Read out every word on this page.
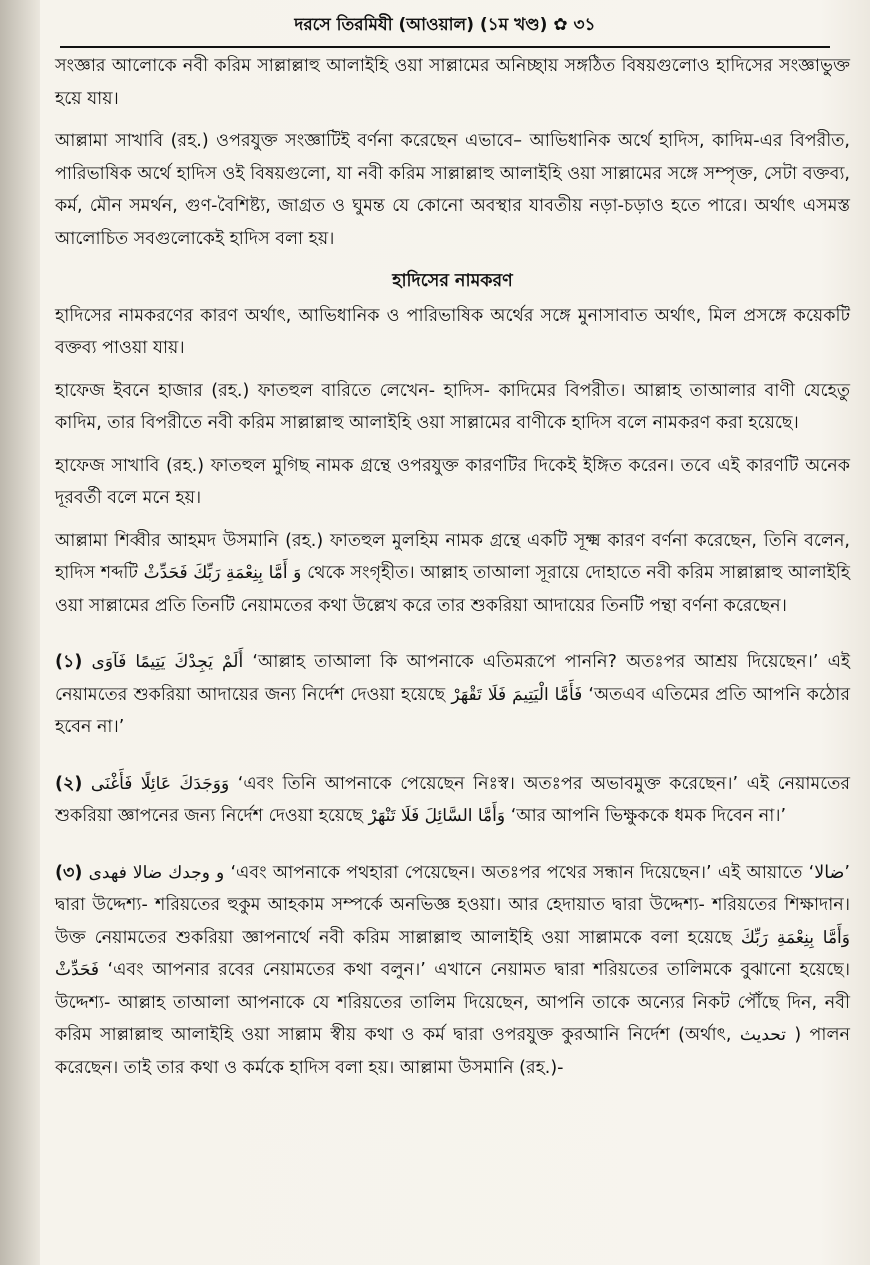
দরসে তিরমিযী (আওয়াল) (১ম খণ্ড) ✿ ৩১

সংজ্ঞার আলোকে নবী করিম সাল্লাল্লাহু আলাইহি ওয়া সাল্লামের অনিচ্ছায় সঙ্গঠিত বিষয়গুলোও হাদিসের সংজ্ঞাভুক্ত হয়ে যায়।

আল্লামা সাখাবি (রহ.) ওপরযুক্ত সংজ্ঞাটিই বর্ণনা করেছেন এভাবে– আভিধানিক অর্থে হাদিস, কাদিম-এর বিপরীত, পারিভাষিক অর্থে হাদিস ওই বিষয়গুলো, যা নবী করিম সাল্লাল্লাহু আলাইহি ওয়া সাল্লামের সঙ্গে সম্পৃক্ত, সেটা বক্তব্য, কর্ম, মৌন সমর্থন, গুণ-বৈশিষ্ট্য, জাগ্রত ও ঘুমন্ত যে কোনো অবস্থার যাবতীয় নড়া-চড়াও হতে পারে। অর্থাৎ এসমস্ত আলোচিত সবগুলোকেই হাদিস বলা হয়।

হাদিসের নামকরণ

হাদিসের নামকরণের কারণ অর্থাৎ, আভিধানিক ও পারিভাষিক অর্থের সঙ্গে মুনাসাবাত অর্থাৎ, মিল প্রসঙ্গে কয়েকটি বক্তব্য পাওয়া যায়।

হাফেজ ইবনে হাজার (রহ.) ফাতহুল বারিতে লেখেন- হাদিস- কাদিমের বিপরীত। আল্লাহ তাআলার বাণী যেহেতু কাদিম, তার বিপরীতে নবী করিম সাল্লাল্লাহু আলাইহি ওয়া সাল্লামের বাণীকে হাদিস বলে নামকরণ করা হয়েছে।

হাফেজ সাখাবি (রহ.) ফাতহুল মুগিছ নামক গ্রন্থে ওপরযুক্ত কারণটির দিকেই ইঙ্গিত করেন। তবে এই কারণটি অনেক দূরবর্তী বলে মনে হয়।

আল্লামা শিব্বীর আহমদ উসমানি (রহ.) ফাতহুল মুলহিম নামক গ্রন্থে একটি সূক্ষ্ম কারণ বর্ণনা করেছেন, তিনি বলেন, হাদিস শব্দটি وَ أَمَّا بِنِعْمَةِ رَبِّكَ فَحَدِّثْ থেকে সংগৃহীত। আল্লাহ তাআলা সূরায়ে দোহাতে নবী করিম সাল্লাল্লাহু আলাইহি ওয়া সাল্লামের প্রতি তিনটি নেয়ামতের কথা উল্লেখ করে তার শুকরিয়া আদায়ের তিনটি পন্থা বর্ণনা করেছেন।

(১) أَلَمْ يَجِدْكَ يَتِيمًا فَآوَى ‘আল্লাহ তাআলা কি আপনাকে এতিমরূপে পাননি? অতঃপর আশ্রয় দিয়েছেন।’ এই নেয়ামতের শুকরিয়া আদায়ের জন্য নির্দেশ দেওয়া হয়েছে فَأَمَّا الْيَتِيمَ فَلَا تَقْهَرْ ‘অতএব এতিমের প্রতি আপনি কঠোর হবেন না।’

(২) وَوَجَدَكَ عَائِلًا فَأَغْنَى ‘এবং তিনি আপনাকে পেয়েছেন নিঃস্ব। অতঃপর অভাবমুক্ত করেছেন।’ এই নেয়ামতের শুকরিয়া জ্ঞাপনের জন্য নির্দেশ দেওয়া হয়েছে وَأَمَّا السَّائِلَ فَلَا تَنْهَرْ ‘আর আপনি ভিক্ষুককে ধমক দিবেন না।’

(৩) و وجدك ضالا فهدى ‘এবং আপনাকে পথহারা পেয়েছেন। অতঃপর পথের সন্ধান দিয়েছেন।’ এই আয়াতে ‘ضالا’ দ্বারা উদ্দেশ্য- শরিয়তের হুকুম আহকাম সম্পর্কে অনভিজ্ঞ হওয়া। আর হেদায়াত দ্বারা উদ্দেশ্য- শরিয়তের শিক্ষাদান। উক্ত নেয়ামতের শুকরিয়া জ্ঞাপনার্থে নবী করিম সাল্লাল্লাহু আলাইহি ওয়া সাল্লামকে বলা হয়েছে وَأَمَّا بِنِعْمَةِ رَبِّكَ فَحَدِّثْ ‘এবং আপনার রবের নেয়ামতের কথা বলুন।’ এখানে নেয়ামত দ্বারা শরিয়তের তালিমকে বুঝানো হয়েছে। উদ্দেশ্য- আল্লাহ তাআলা আপনাকে যে শরিয়তের তালিম দিয়েছেন, আপনি তাকে অন্যের নিকট পৌঁছে দিন, নবী করিম সাল্লাল্লাহু আলাইহি ওয়া সাল্লাম স্বীয় কথা ও কর্ম দ্বারা ওপরযুক্ত কুরআনি নির্দেশ (অর্থাৎ, تحديث ) পালন করেছেন। তাই তার কথা ও কর্মকে হাদিস বলা হয়। আল্লামা উসমানি (রহ.)-
